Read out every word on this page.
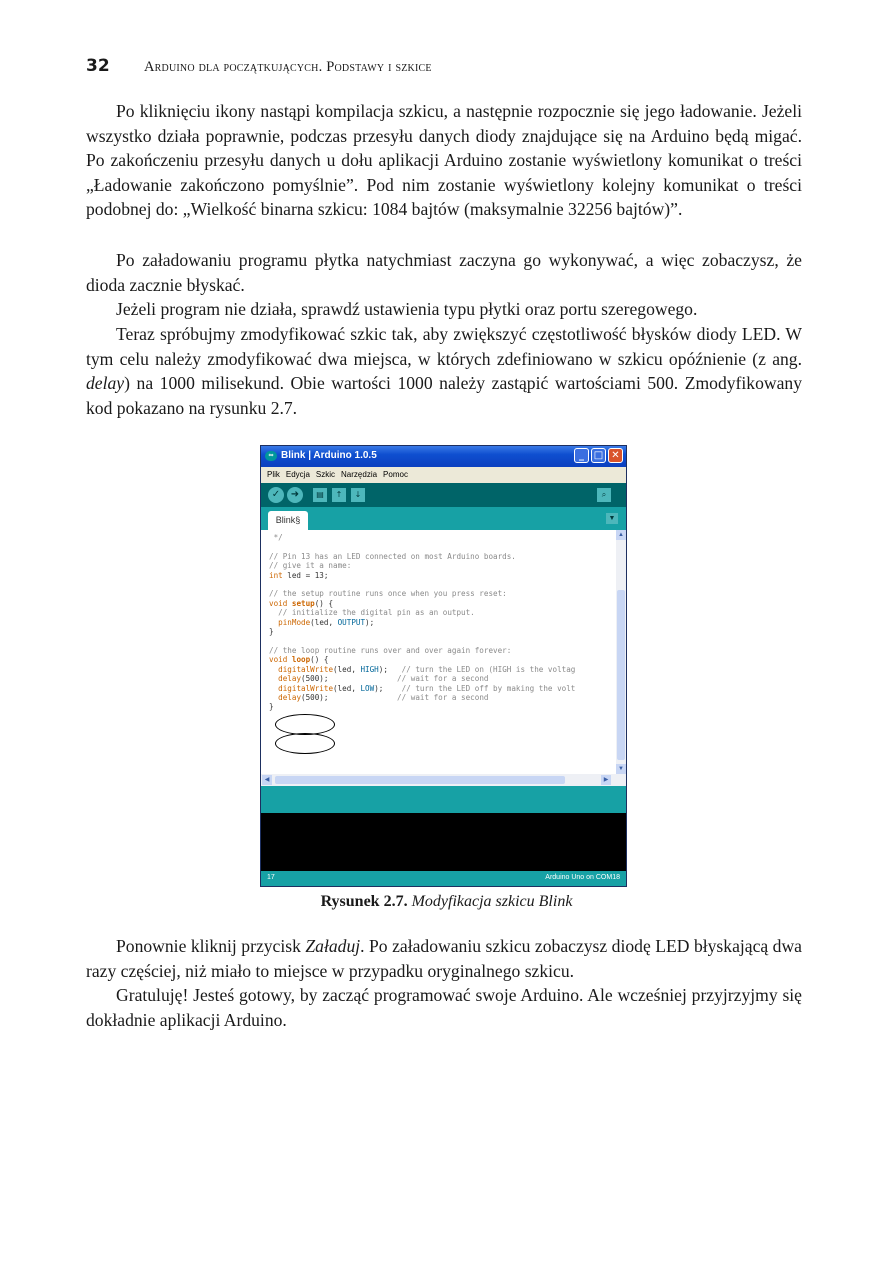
32	Arduino dla początkujących. Podstawy i szkice

Po kliknięciu ikony nastąpi kompilacja szkicu, a następnie rozpocznie się jego ładowanie. Jeżeli wszystko działa poprawnie, podczas przesyłu danych diody znajdujące się na Arduino będą migać. Po zakończeniu przesyłu danych u dołu aplikacji Arduino zostanie wyświetlony komunikat o treści „Ładowanie zakończono pomyślnie”. Pod nim zostanie wyświetlony kolejny komunikat o treści podobnej do: „Wielkość binarna szkicu: 1084 bajtów (maksymalnie 32256 bajtów)”.

Po załadowaniu programu płytka natychmiast zaczyna go wykonywać, a więc zobaczysz, że dioda zacznie błyskać.

Jeżeli program nie działa, sprawdź ustawienia typu płytki oraz portu szeregowego.

Teraz spróbujmy zmodyfikować szkic tak, aby zwiększyć częstotliwość błysków diody LED. W tym celu należy zmodyfikować dwa miejsca, w których zdefiniowano w szkicu opóźnienie (z ang. delay) na 1000 milisekund. Obie wartości 1000 należy zastąpić wartościami 500. Zmodyfikowany kod pokazano na rysunku 2.7.

∞ Blink | Arduino 1.0.5	_ □ ✕
Plik Edycja Szkic Narzędzia Pomoc
✓	➜	▤	↑	↓	⌕
Blink§	▼
*/

// Pin 13 has an LED connected on most Arduino boards.
// give it a name:
int led = 13;

// the setup routine runs once when you press reset:
void setup() {
// initialize the digital pin as an output.
pinMode(led, OUTPUT);
}

// the loop routine runs over and over again forever:
void loop() {
digitalWrite(led, HIGH);   // turn the LED on (HIGH is the voltag
delay(500);               // wait for a second
digitalWrite(led, LOW);    // turn the LED off by making the volt
delay(500);               // wait for a second
}
▲
▼
◀	▶
17	Arduino Uno on COM18
Rysunek 2.7. Modyfikacja szkicu Blink

Ponownie kliknij przycisk Załaduj. Po załadowaniu szkicu zobaczysz diodę LED błyskającą dwa razy częściej, niż miało to miejsce w przypadku oryginalnego szkicu.

Gratuluję! Jesteś gotowy, by zacząć programować swoje Arduino. Ale wcześniej przyjrzyjmy się dokładnie aplikacji Arduino.
